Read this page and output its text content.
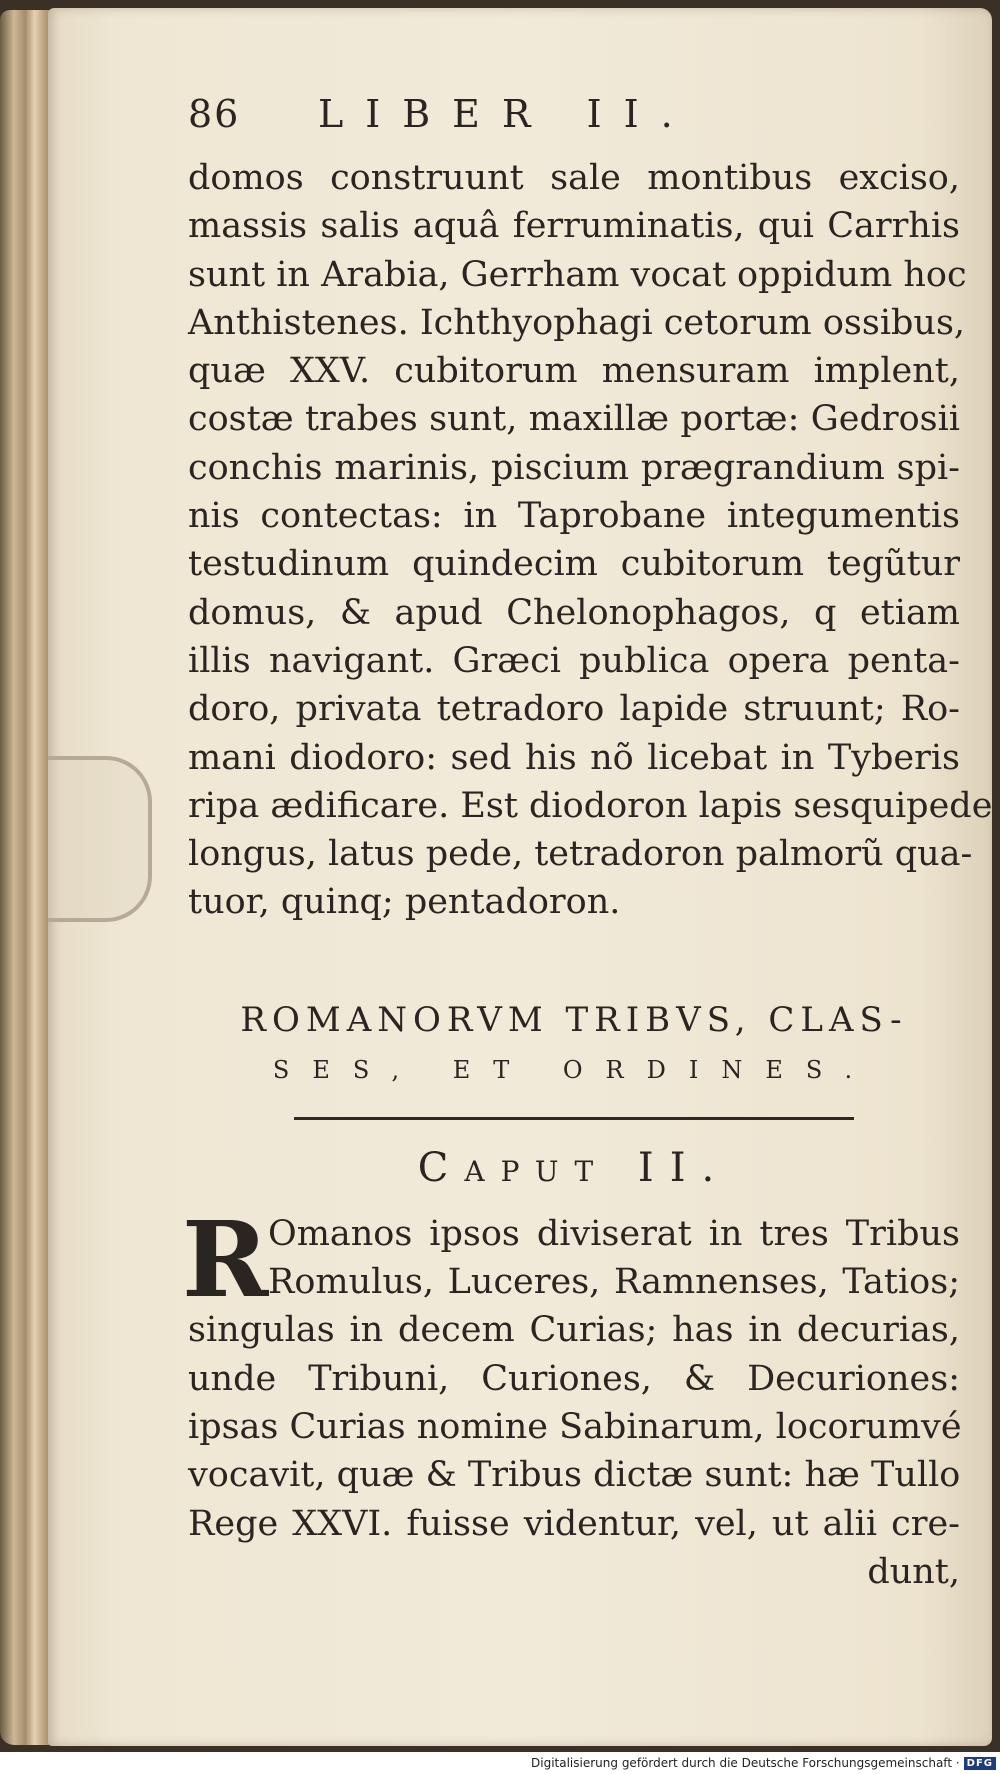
86	LIBER II.
domos construunt sale montibus exciso,
massis salis aquâ ferruminatis, qui Carrhis
sunt in Arabia, Gerrham vocat oppidum hoc
Anthistenes. Ichthyophagi cetorum ossibus,
quæ XXV. cubitorum mensuram implent,
costæ trabes sunt, maxillæ portæ: Gedrosii
conchis marinis, piscium prægrandium spi-
nis contectas: in Taprobane integumentis
testudinum quindecim cubitorum tegũtur
domus, & apud Chelonophagos, q etiam
illis navigant. Græci publica opera penta-
doro, privata tetradoro lapide struunt; Ro-
mani diodoro: sed his nõ licebat in Tyberis
ripa ædificare. Est diodoron lapis sesquipede
longus, latus pede, tetradoron palmorũ qua-
tuor, quinq; pentadoron.
ROMANORVM TRIBVS, CLAS-
SES, ET ORDINES.
Caput II.
R Omanos ipsos diviserat in tres Tribus
Romulus, Luceres, Ramnenses, Tatios;
singulas in decem Curias; has in decurias,
unde Tribuni, Curiones, & Decuriones:
ipsas Curias nomine Sabinarum, locorumvé
vocavit, quæ & Tribus dictæ sunt: hæ Tullo
Rege XXVI. fuisse videntur, vel, ut alii cre-
dunt,
Digitalisierung gefördert durch die Deutsche Forschungsgemeinschaft · DFG
